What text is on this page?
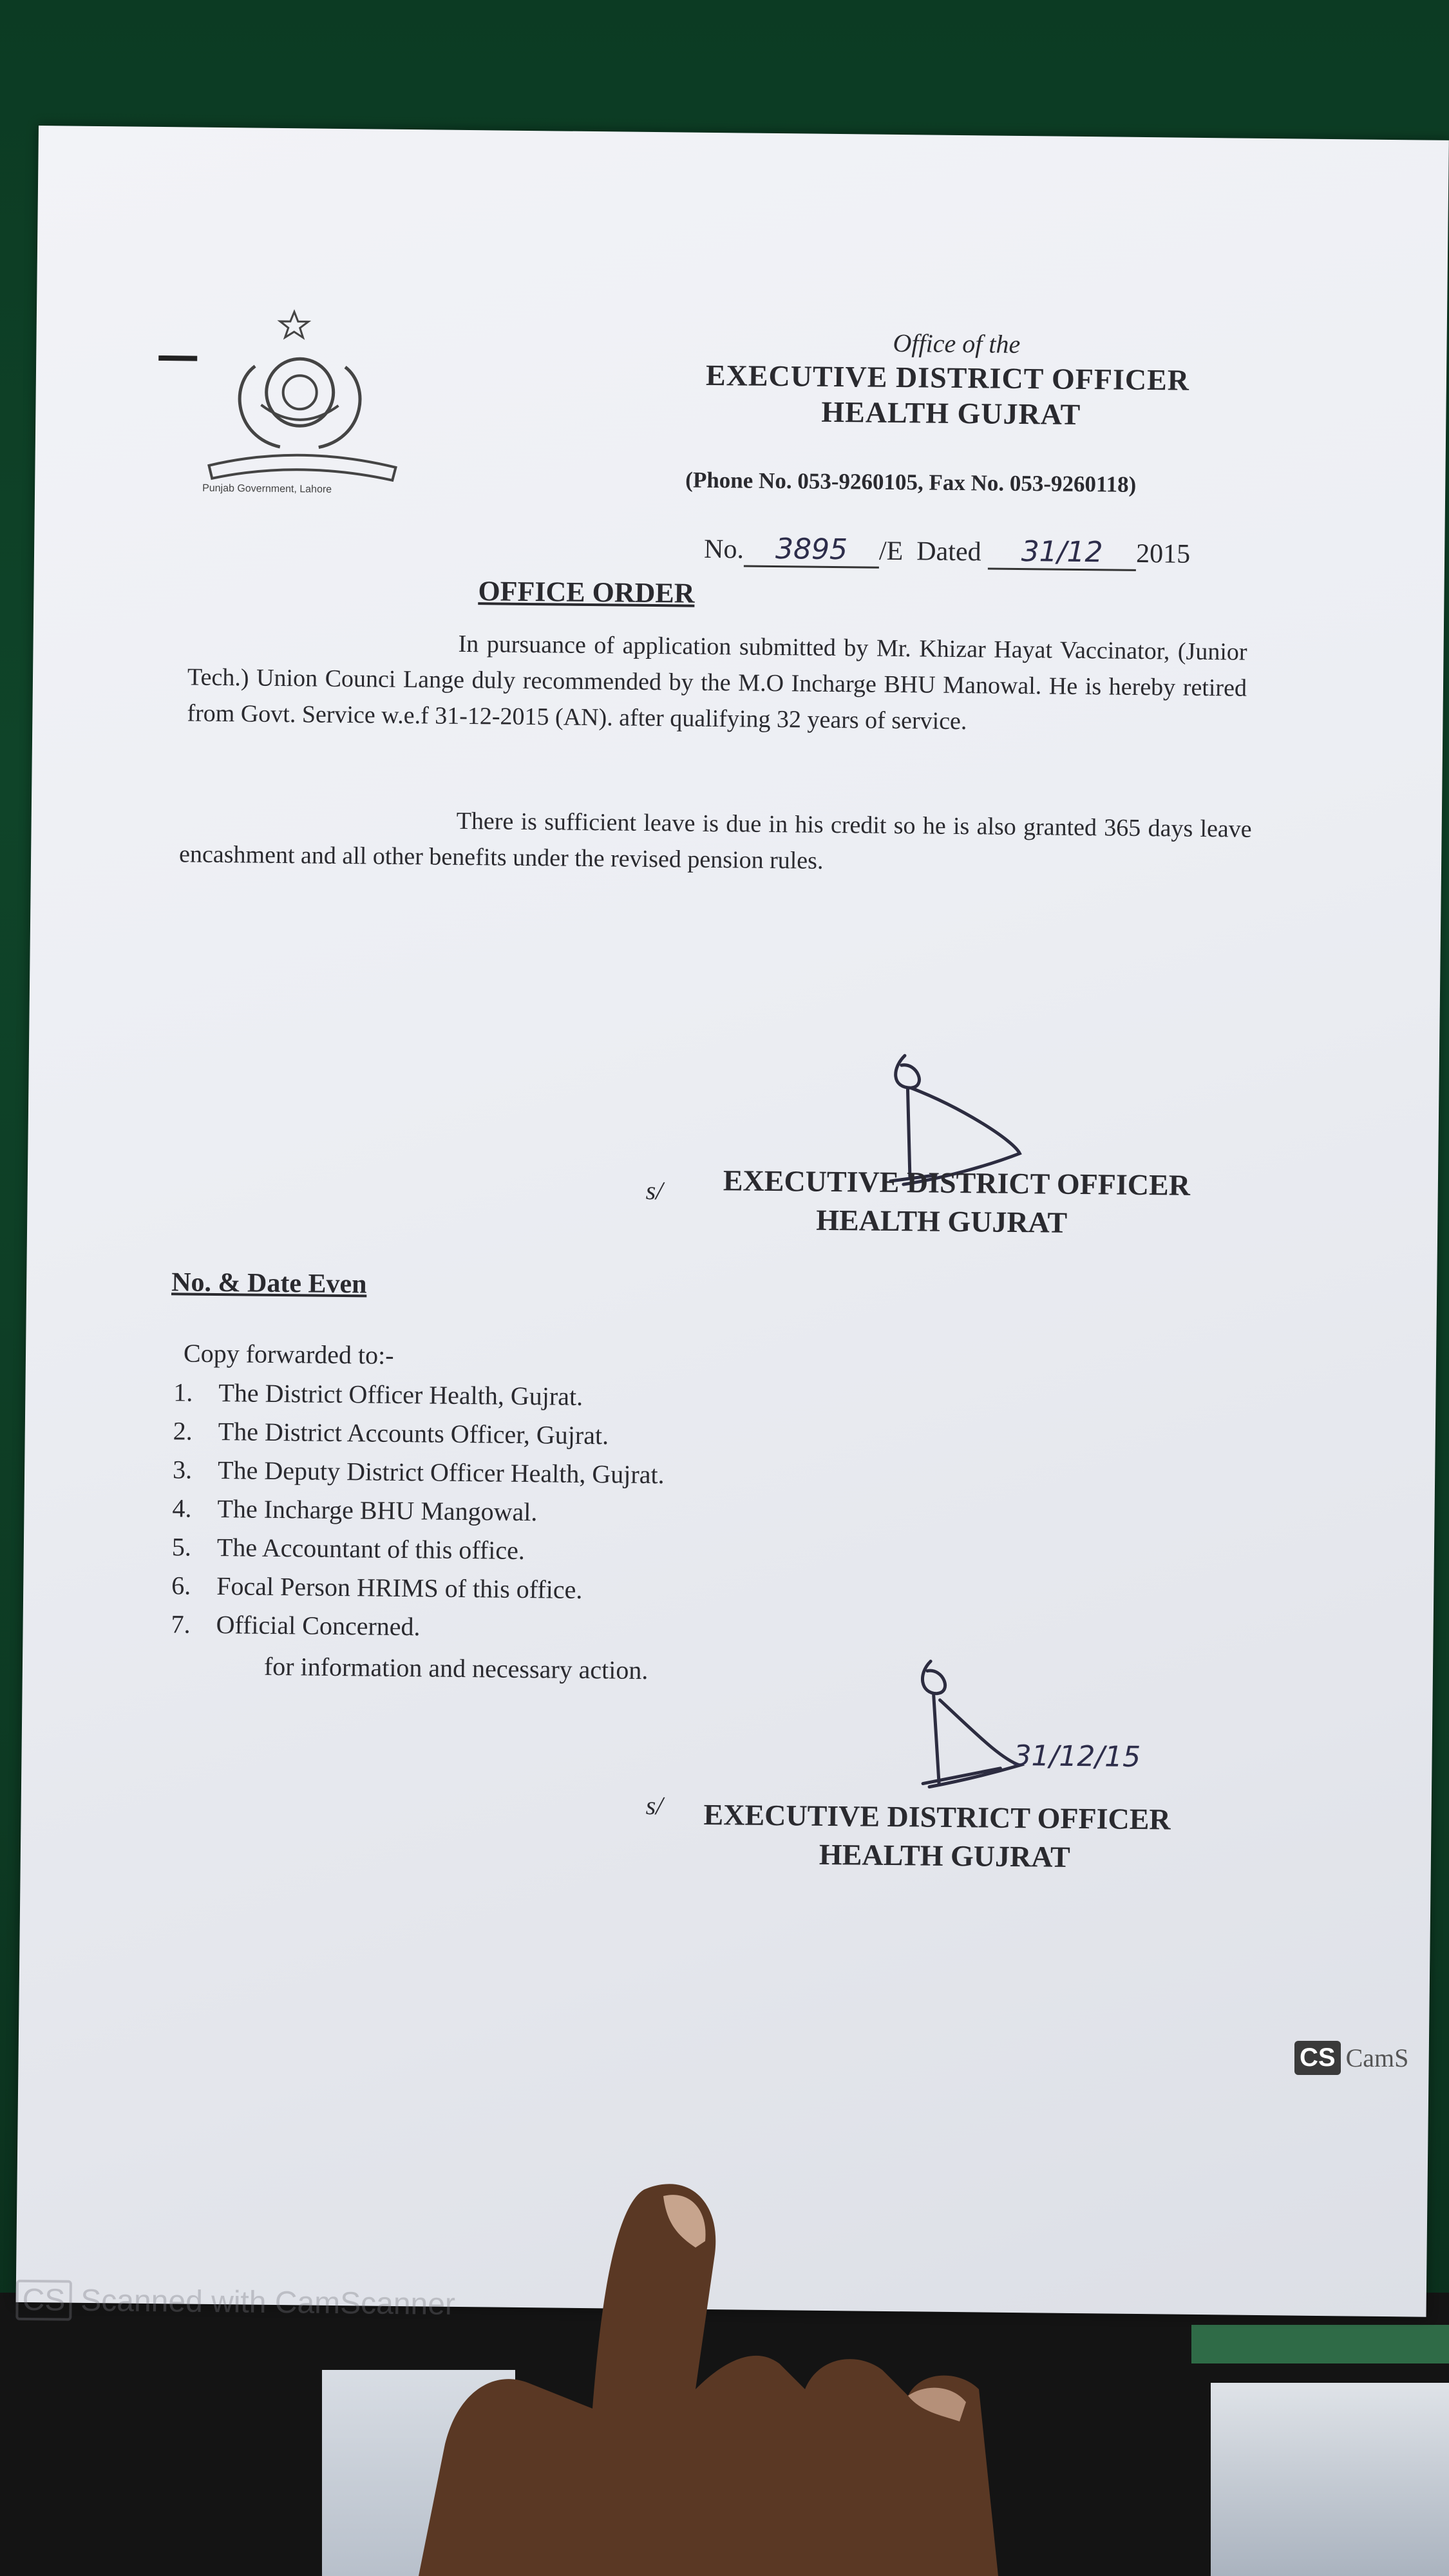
Punjab Government, Lahore
Office of the
EXECUTIVE DISTRICT OFFICER
HEALTH GUJRAT
(Phone No. 053-9260105, Fax No. 053-9260118)
No. 3895 /E Dated 31/12 2015
OFFICE ORDER
In pursuance of application submitted by Mr. Khizar Hayat Vaccinator, (Junior Tech.) Union Counci Lange duly recommended by the M.O Incharge BHU Manowal. He is hereby retired from Govt. Service w.e.f 31-12-2015 (AN). after qualifying 32 years of service.
There is sufficient leave is due in his credit so he is also granted 365 days leave encashment and all other benefits under the revised pension rules.
s/ EXECUTIVE DISTRICT OFFICER
HEALTH GUJRAT
No. & Date Even
Copy forwarded to:-
1. The District Officer Health, Gujrat.
2. The District Accounts Officer, Gujrat.
3. The Deputy District Officer Health, Gujrat.
4. The Incharge BHU Mangowal.
5. The Accountant of this office.
6. Focal Person HRIMS of this office.
7. Official Concerned.
for information and necessary action.
31/12/15
s/ EXECUTIVE DISTRICT OFFICER
HEALTH GUJRAT
CS Scanned with CamScanner
CS CamS
